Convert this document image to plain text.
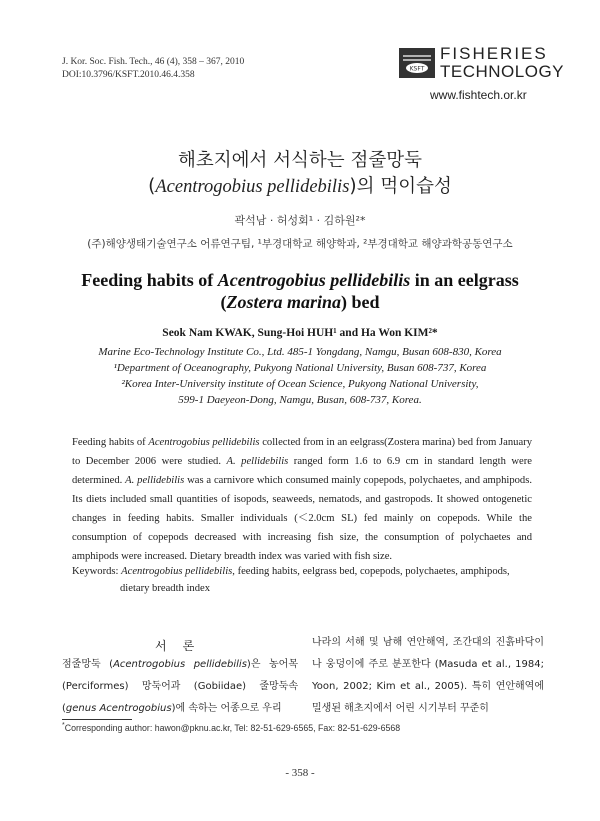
J. Kor. Soc. Fish. Tech., 46 (4), 358 – 367, 2010
DOI:10.3796/KSFT.2010.46.4.358
KSFT
FISHERIES
TECHNOLOGY
www.fishtech.or.kr
해초지에서 서식하는 점줄망둑
(Acentrogobius pellidebilis)의 먹이습성
곽석남 · 허성회¹ · 김하원²*
(주)해양생태기술연구소 어류연구팀, ¹부경대학교 해양학과, ²부경대학교 해양과학공동연구소
Feeding habits of Acentrogobius pellidebilis in an eelgrass
(Zostera marina) bed
Seok Nam KWAK, Sung-Hoi HUH¹ and Ha Won KIM²*
Marine Eco-Technology Institute Co., Ltd. 485-1 Yongdang, Namgu, Busan 608-830, Korea
¹Department of Oceanography, Pukyong National University, Busan 608-737, Korea
²Korea Inter-University institute of Ocean Science, Pukyong National University,
599-1 Daeyeon-Dong, Namgu, Busan, 608-737, Korea.
Feeding habits of Acentrogobius pellidebilis collected from in an eelgrass(Zostera marina) bed from January to December 2006 were studied. A. pellidebilis ranged form 1.6 to 6.9 cm in standard length were determined. A. pellidebilis was a carnivore which consumed mainly copepods, polychaetes, and amphipods. Its diets included small quantities of isopods, seaweeds, nematods, and gastropods. It showed ontogenetic changes in feeding habits. Smaller individuals (＜2.0cm SL) fed mainly on copepods. While the consumption of copepods decreased with increasing fish size, the consumption of polychaetes and amphipods were increased. Dietary breadth index was varied with fish size.
Keywords: Acentrogobius pellidebilis, feeding habits, eelgrass bed, copepods, polychaetes, amphipods,
dietary breadth index
서론
점줄망둑 (Acentrogobius pellidebilis)은 농어목 (Perciformes) 망둑어과 (Gobiidae) 줄망둑속 (genus Acentrogobius)에 속하는 어종으로 우리
나라의 서해 및 남해 연안해역, 조간대의 진흙바닥이나 웅덩이에 주로 분포한다 (Masuda et al., 1984; Yoon, 2002; Kim et al., 2005). 특히 연안해역에 밀생된 해초지에서 어린 시기부터 꾸준히
*Corresponding author: hawon@pknu.ac.kr, Tel: 82-51-629-6565, Fax: 82-51-629-6568
- 358 -
